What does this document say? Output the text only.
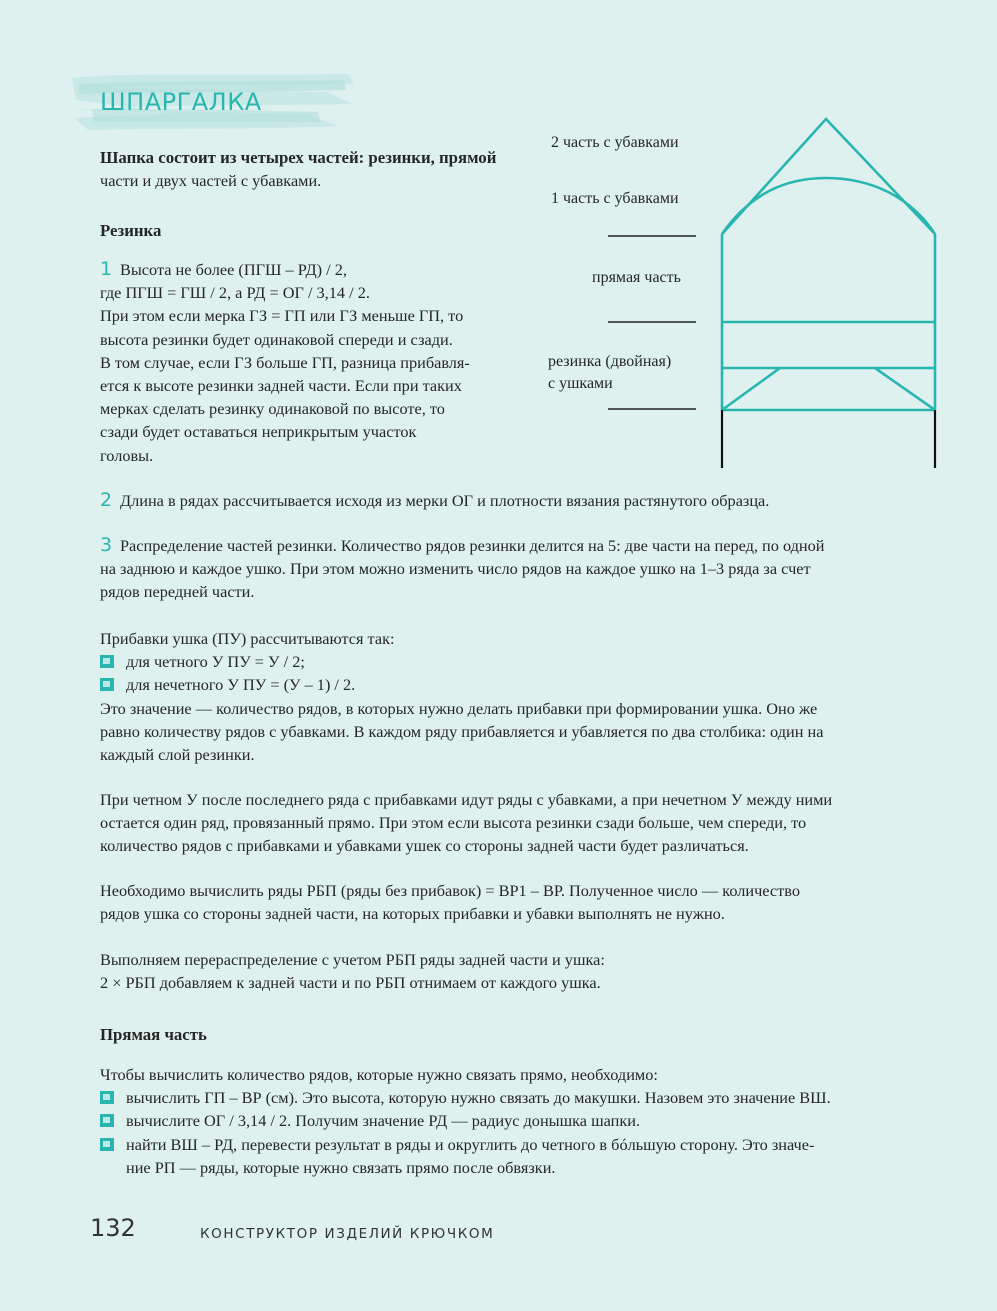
ШПАРГАЛКА
Шапка состоит из четырех частей: резинки, прямой
части и двух частей с убавками.
Резинка
1 Высота не более (ПГШ – РД) / 2,
где ПГШ = ГШ / 2, а РД = ОГ / 3,14 / 2.
При этом если мерка ГЗ = ГП или ГЗ меньше ГП, то
высота резинки будет одинаковой спереди и сзади.
В том случае, если ГЗ больше ГП, разница прибавля-
ется к высоте резинки задней части. Если при таких
мерках сделать резинку одинаковой по высоте, то
сзади будет оставаться неприкрытым участок
головы.
2 часть с убавками
1 часть с убавками
прямая часть
резинка (двойная)
с ушками
2 Длина в рядах рассчитывается исходя из мерки ОГ и плотности вязания растянутого образца.
3 Распределение частей резинки. Количество рядов резинки делится на 5: две части на перед, по одной
на заднюю и каждое ушко. При этом можно изменить число рядов на каждое ушко на 1–3 ряда за счет
рядов передней части.
Прибавки ушка (ПУ) рассчитываются так:
для четного У ПУ = У / 2;
для нечетного У ПУ = (У – 1) / 2.
Это значение — количество рядов, в которых нужно делать прибавки при формировании ушка. Оно же
равно количеству рядов с убавками. В каждом ряду прибавляется и убавляется по два столбика: один на
каждый слой резинки.
При четном У после последнего ряда с прибавками идут ряды с убавками, а при нечетном У между ними
остается один ряд, провязанный прямо. При этом если высота резинки сзади больше, чем спереди, то
количество рядов с прибавками и убавками ушек со стороны задней части будет различаться.
Необходимо вычислить ряды РБП (ряды без прибавок) = ВР1 – ВР. Полученное число — количество
рядов ушка со стороны задней части, на которых прибавки и убавки выполнять не нужно.
Выполняем перераспределение с учетом РБП ряды задней части и ушка:
2 × РБП добавляем к задней части и по РБП отнимаем от каждого ушка.
Прямая часть
Чтобы вычислить количество рядов, которые нужно связать прямо, необходимо:
вычислить ГП – ВР (см). Это высота, которую нужно связать до макушки. Назовем это значение ВШ.
вычислите ОГ / 3,14 / 2. Получим значение РД — радиус донышка шапки.
найти ВШ – РД, перевести результат в ряды и округлить до четного в бóльшую сторону. Это значе-
ние РП — ряды, которые нужно связать прямо после обвязки.
132	КОНСТРУКТОР ИЗДЕЛИЙ КРЮЧКОМ
